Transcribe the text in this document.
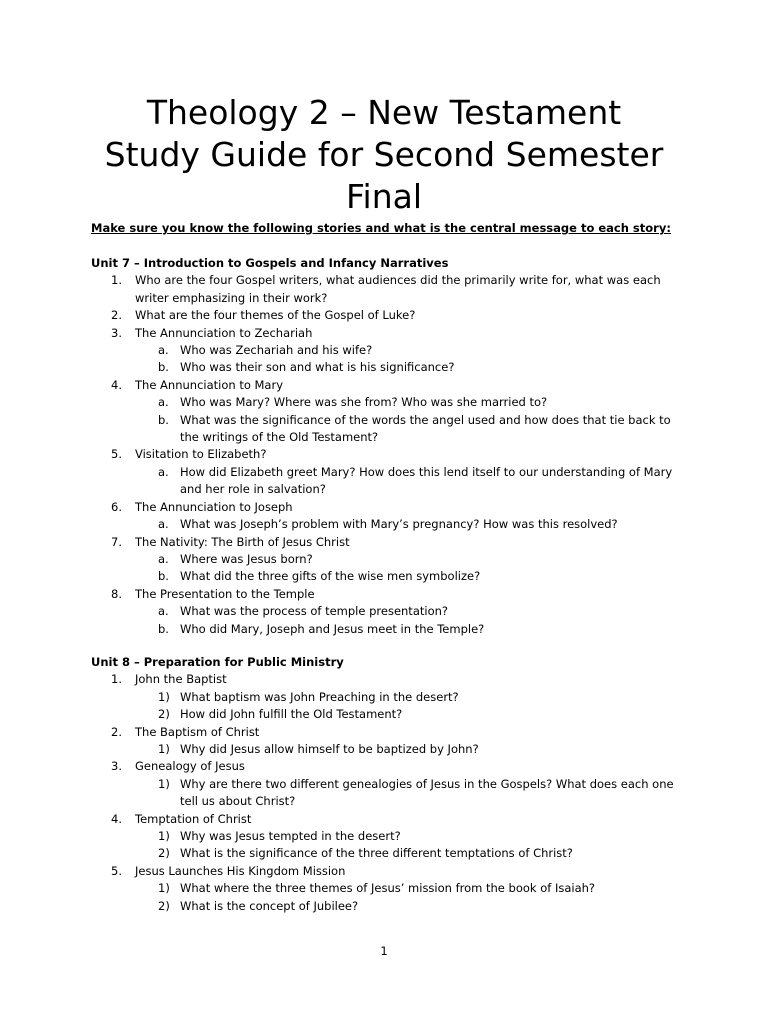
Theology 2 – New Testament
Study Guide for Second Semester
Final
Make sure you know the following stories and what is the central message to each story:
Unit 7 – Introduction to Gospels and Infancy Narratives
1. Who are the four Gospel writers, what audiences did the primarily write for, what was each
writer emphasizing in their work?
2. What are the four themes of the Gospel of Luke?
3. The Annunciation to Zechariah
a. Who was Zechariah and his wife?
b. Who was their son and what is his significance?
4. The Annunciation to Mary
a. Who was Mary? Where was she from? Who was she married to?
b. What was the significance of the words the angel used and how does that tie back to
the writings of the Old Testament?
5. Visitation to Elizabeth?
a. How did Elizabeth greet Mary? How does this lend itself to our understanding of Mary
and her role in salvation?
6. The Annunciation to Joseph
a. What was Joseph’s problem with Mary’s pregnancy? How was this resolved?
7. The Nativity: The Birth of Jesus Christ
a. Where was Jesus born?
b. What did the three gifts of the wise men symbolize?
8. The Presentation to the Temple
a. What was the process of temple presentation?
b. Who did Mary, Joseph and Jesus meet in the Temple?
Unit 8 – Preparation for Public Ministry
1. John the Baptist
1) What baptism was John Preaching in the desert?
2) How did John fulfill the Old Testament?
2. The Baptism of Christ
1) Why did Jesus allow himself to be baptized by John?
3. Genealogy of Jesus
1) Why are there two different genealogies of Jesus in the Gospels? What does each one
tell us about Christ?
4. Temptation of Christ
1) Why was Jesus tempted in the desert?
2) What is the significance of the three different temptations of Christ?
5. Jesus Launches His Kingdom Mission
1) What where the three themes of Jesus’ mission from the book of Isaiah?
2) What is the concept of Jubilee?
1
